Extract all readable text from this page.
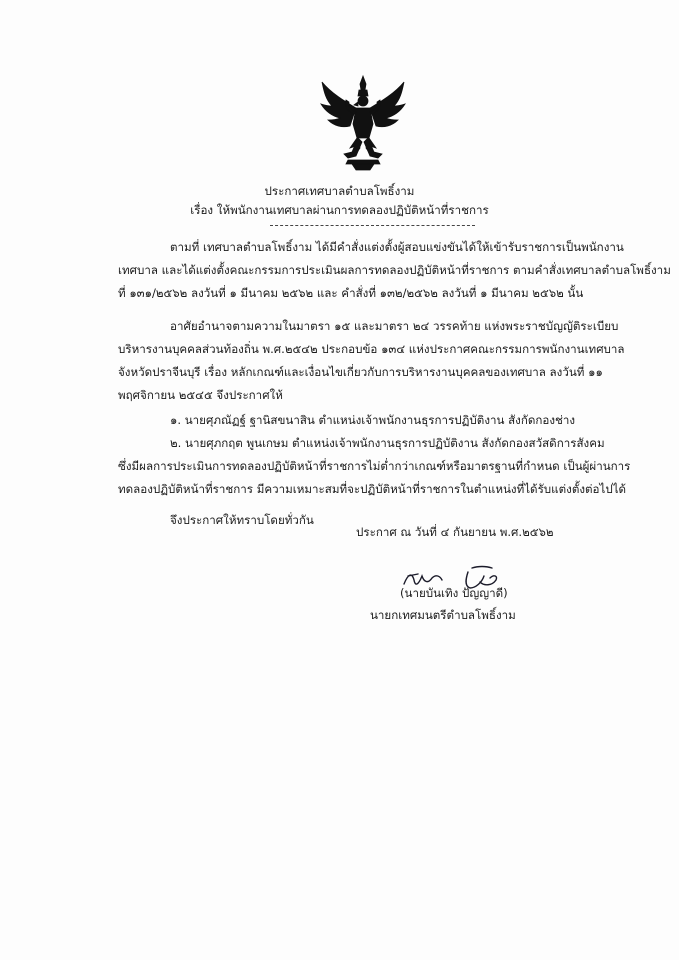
ประกาศเทศบาลตำบลโพธิ์งาม
เรื่อง ให้พนักงานเทศบาลผ่านการทดลองปฏิบัติหน้าที่ราชการ
ตามที่ เทศบาลตำบลโพธิ์งาม ได้มีคำสั่งแต่งตั้งผู้สอบแข่งขันได้ให้เข้ารับราชการเป็นพนักงาน
เทศบาล และได้แต่งตั้งคณะกรรมการประเมินผลการทดลองปฏิบัติหน้าที่ราชการ ตามคำสั่งเทศบาลตำบลโพธิ์งาม
ที่ ๑๓๑/๒๕๖๒ ลงวันที่ ๑ มีนาคม ๒๕๖๒ และ คำสั่งที่ ๑๓๒/๒๕๖๒ ลงวันที่ ๑ มีนาคม ๒๕๖๒ นั้น
อาศัยอำนาจตามความในมาตรา ๑๕ และมาตรา ๒๔ วรรคท้าย แห่งพระราชบัญญัติระเบียบ
บริหารงานบุคคลส่วนท้องถิ่น พ.ศ.๒๕๔๒ ประกอบข้อ ๑๓๔ แห่งประกาศคณะกรรมการพนักงานเทศบาล
จังหวัดปราจีนบุรี เรื่อง หลักเกณฑ์และเงื่อนไขเกี่ยวกับการบริหารงานบุคคลของเทศบาล ลงวันที่ ๑๑
พฤศจิกายน ๒๕๔๕ จึงประกาศให้
๑. นายศุภณัฏฐ์ ฐานิสขนาสิน ตำแหน่งเจ้าพนักงานธุรการปฏิบัติงาน สังกัดกองช่าง
๒. นายศุภกฤต พูนเกษม ตำแหน่งเจ้าพนักงานธุรการปฏิบัติงาน สังกัดกองสวัสดิการสังคม
ซึ่งมีผลการประเมินการทดลองปฏิบัติหน้าที่ราชการไม่ต่ำกว่าเกณฑ์หรือมาตรฐานที่กำหนด เป็นผู้ผ่านการ
ทดลองปฏิบัติหน้าที่ราชการ มีความเหมาะสมที่จะปฏิบัติหน้าที่ราชการในตำแหน่งที่ได้รับแต่งตั้งต่อไปได้
จึงประกาศให้ทราบโดยทั่วกัน
ประกาศ ณ วันที่ ๔ กันยายน พ.ศ.๒๕๖๒
(นายบันเทิง ปัญญาดี)
นายกเทศมนตรีตำบลโพธิ์งาม
